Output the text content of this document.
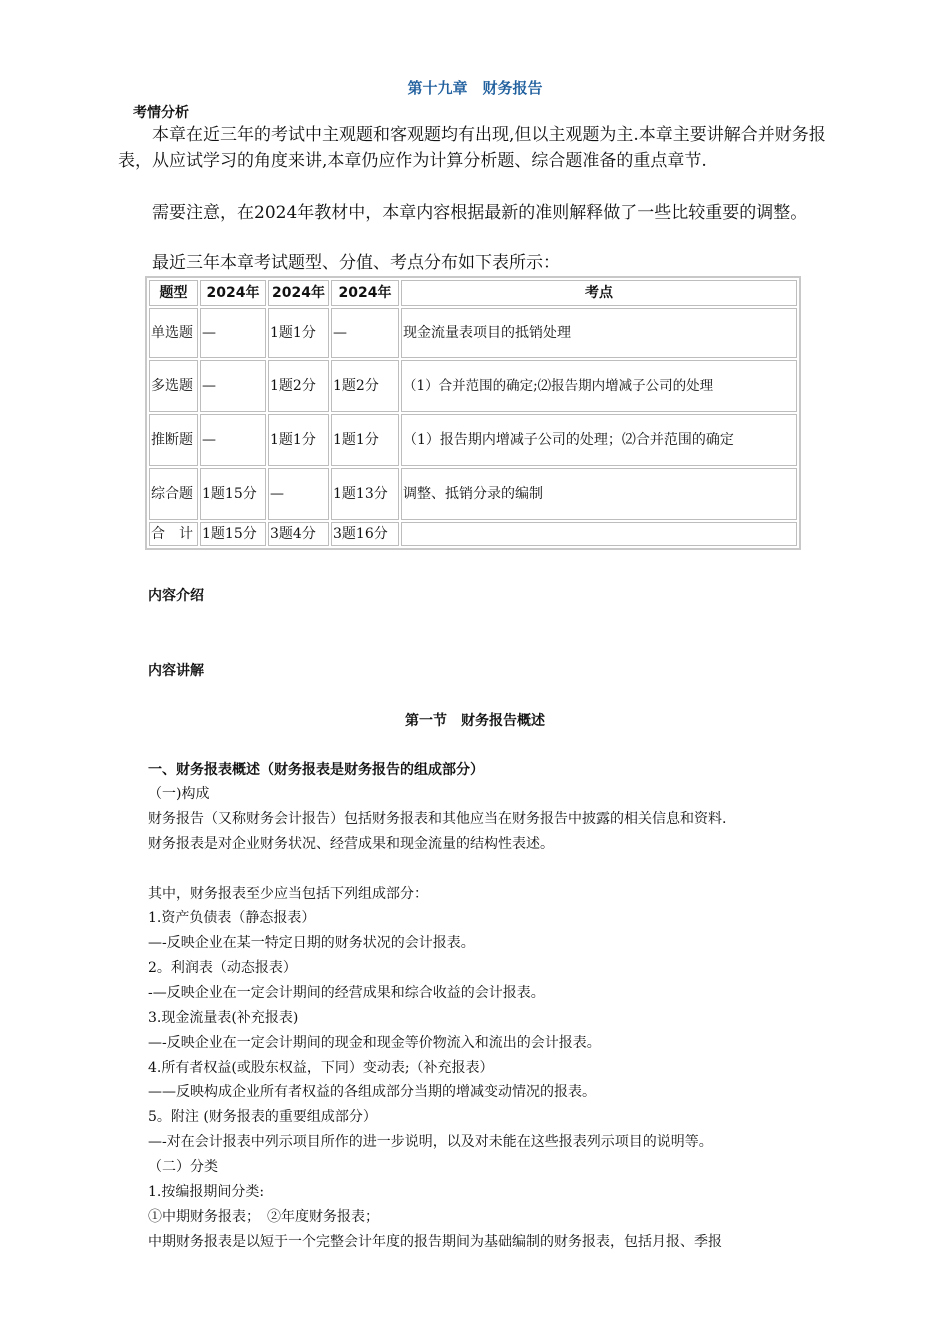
第十九章　财务报告
考情分析
本章在近三年的考试中主观题和客观题均有出现,但以主观题为主.本章主要讲解合并财务报表，从应试学习的角度来讲,本章仍应作为计算分析题、综合题准备的重点章节.
需要注意，在2024年教材中，本章内容根据最新的准则解释做了一些比较重要的调整。
最近三年本章考试题型、分值、考点分布如下表所示：
题型	2024年	2024年	2024年	考点
单选题	—	1题1分	—	现金流量表项目的抵销处理
多选题	—	1题2分	1题2分	（1）合并范围的确定;⑵报告期内增减子公司的处理
推断题	—	1题1分	1题1分	（1）报告期内增减子公司的处理；⑵合并范围的确定
综合题	1题15分	—	1题13分	调整、抵销分录的编制
合　计	1题15分	3题4分	3题16分	
内容介绍
内容讲解
第一节　财务报告概述
一、财务报表概述（财务报表是财务报告的组成部分）
（一)构成
财务报告（又称财务会计报告）包括财务报表和其他应当在财务报告中披露的相关信息和资料.
财务报表是对企业财务状况、经营成果和现金流量的结构性表述。
其中，财务报表至少应当包括下列组成部分：
1.资产负债表（静态报表）
—-反映企业在某一特定日期的财务状况的会计报表。
2。利润表（动态报表）
-—反映企业在一定会计期间的经营成果和综合收益的会计报表。
3.现金流量表(补充报表)
—-反映企业在一定会计期间的现金和现金等价物流入和流出的会计报表。
4.所有者权益(或股东权益，下同）变动表;（补充报表）
——反映构成企业所有者权益的各组成部分当期的增减变动情况的报表。
5。附注 (财务报表的重要组成部分）
—-对在会计报表中列示项目所作的进一步说明，以及对未能在这些报表列示项目的说明等。
（二）分类
1.按编报期间分类:
①中期财务报表；　②年度财务报表；
中期财务报表是以短于一个完整会计年度的报告期间为基础编制的财务报表，包括月报、季报
